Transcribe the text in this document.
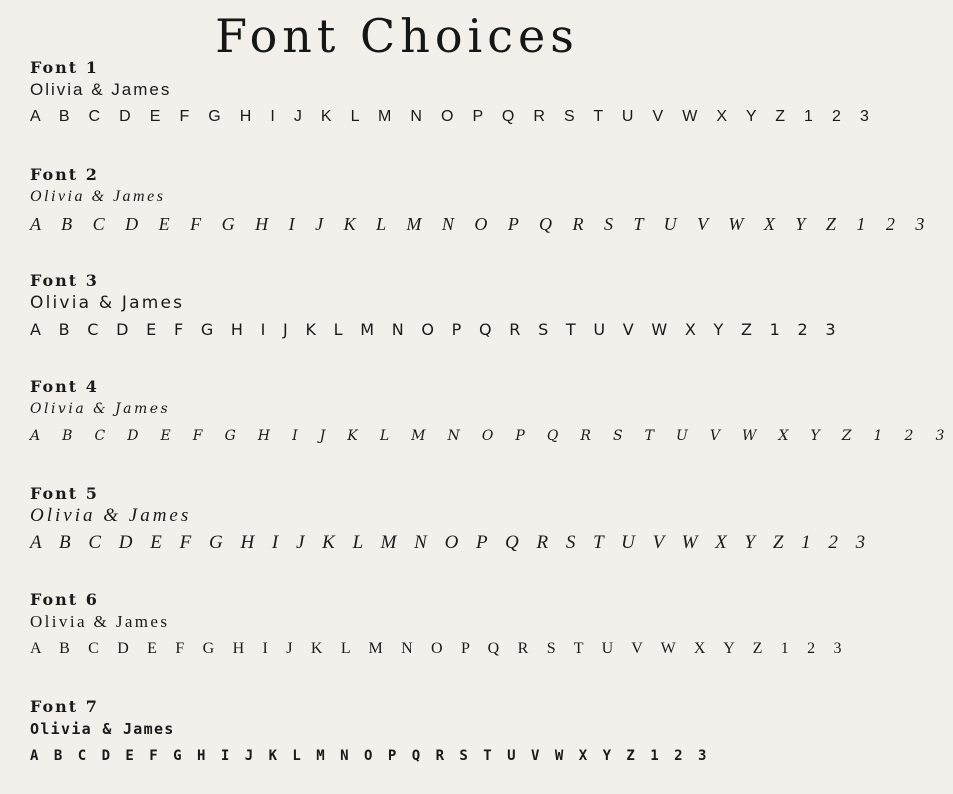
Font Choices
Font 1
Olivia & James
A B C D E F G H I J K L M N O P Q R S T U V W X Y Z 1 2 3
Font 2
Olivia & James
A B C D E F G H I J K L M N O P Q R S T U V W X Y Z 1 2 3
Font 3
Olivia & James
A B C D E F G H I J K L M N O P Q R S T U V W X Y Z 1 2 3
Font 4
Olivia & James
A B C D E F G H I J K L M N O P Q R S T U V W X Y Z 1 2 3
Font 5
Olivia & James
A B C D E F G H I J K L M N O P Q R S T U V W X Y Z 1 2 3
Font 6
Olivia & James
A B C D E F G H I J K L M N O P Q R S T U V W X Y Z 1 2 3
Font 7
Olivia & James
A B C D E F G H I J K L M N O P Q R S T U V W X Y Z 1 2 3
